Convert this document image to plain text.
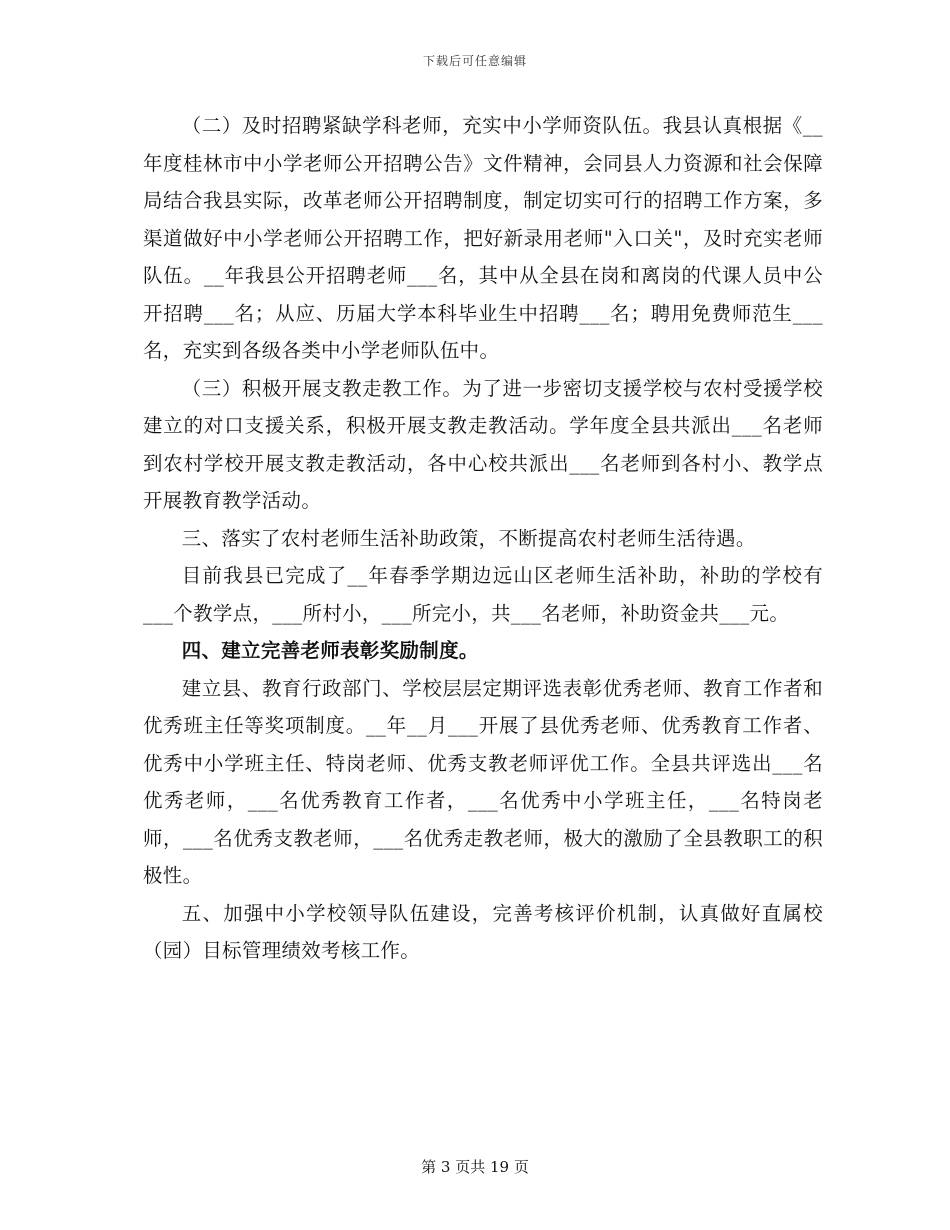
下载后可任意编辑

（二）及时招聘紧缺学科老师，充实中小学师资队伍。我县认真根据《__年度桂林市中小学老师公开招聘公告》文件精神，会同县人力资源和社会保障局结合我县实际，改革老师公开招聘制度，制定切实可行的招聘工作方案，多渠道做好中小学老师公开招聘工作，把好新录用老师"入口关"，及时充实老师队伍。__年我县公开招聘老师___名，其中从全县在岗和离岗的代课人员中公开招聘___名；从应、历届大学本科毕业生中招聘___名；聘用免费师范生___名，充实到各级各类中小学老师队伍中。

（三）积极开展支教走教工作。为了进一步密切支援学校与农村受援学校建立的对口支援关系，积极开展支教走教活动。学年度全县共派出___名老师到农村学校开展支教走教活动，各中心校共派出___名老师到各村小、教学点开展教育教学活动。

三、落实了农村老师生活补助政策，不断提高农村老师生活待遇。

目前我县已完成了__年春季学期边远山区老师生活补助，补助的学校有___个教学点，___所村小，___所完小，共___名老师，补助资金共___元。

四、建立完善老师表彰奖励制度。

建立县、教育行政部门、学校层层定期评选表彰优秀老师、教育工作者和优秀班主任等奖项制度。__年__月___开展了县优秀老师、优秀教育工作者、优秀中小学班主任、特岗老师、优秀支教老师评优工作。全县共评选出___名优秀老师，___名优秀教育工作者，___名优秀中小学班主任，___名特岗老师，___名优秀支教老师，___名优秀走教老师，极大的激励了全县教职工的积极性。

五、加强中小学校领导队伍建设，完善考核评价机制，认真做好直属校（园）目标管理绩效考核工作。

第 3 页共 19 页
